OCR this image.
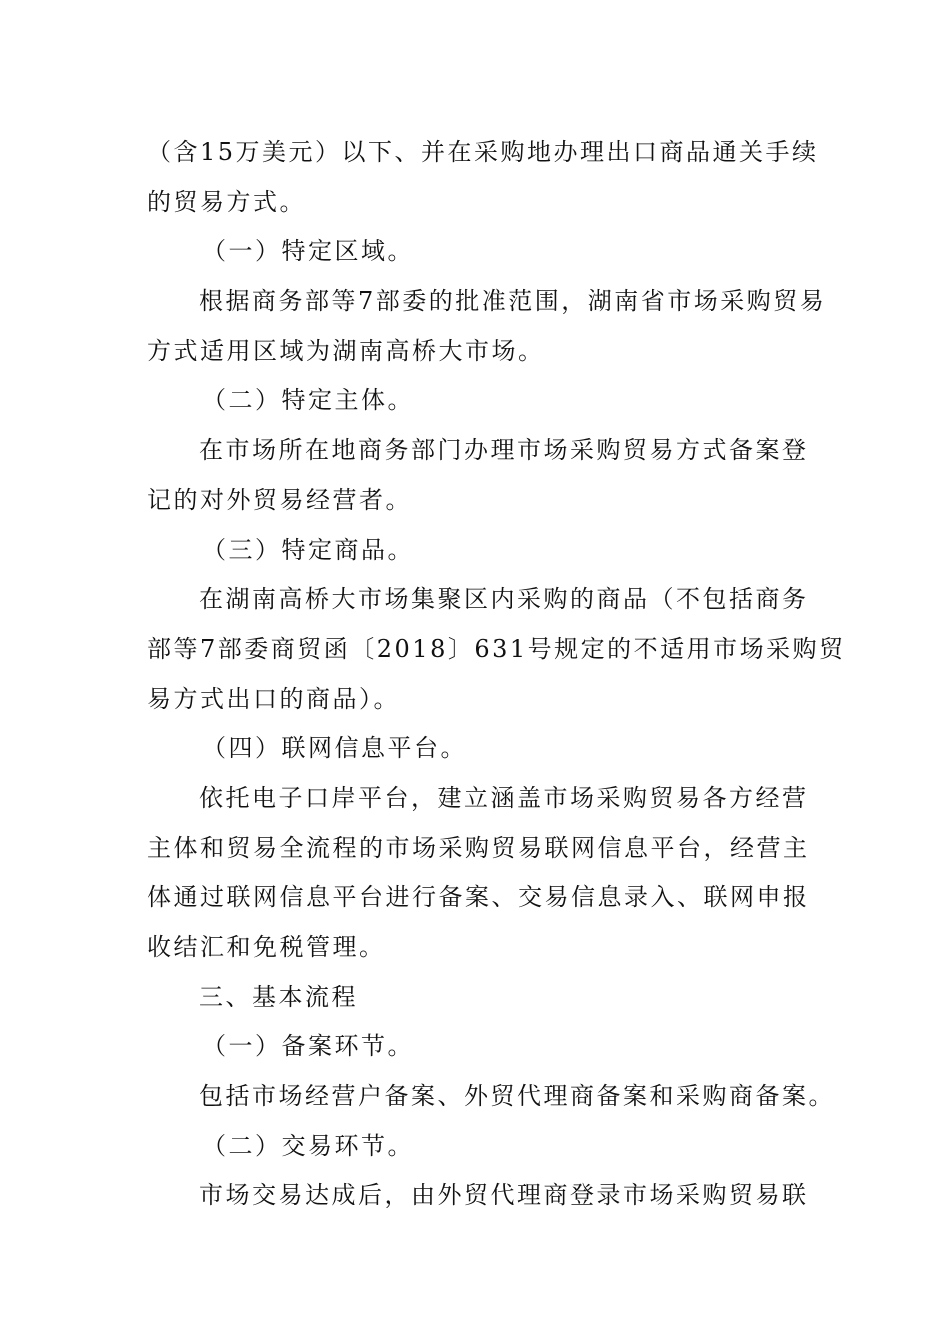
（含15万美元）以下、并在采购地办理出口商品通关手续
的贸易方式。
（一）特定区域。
根据商务部等7部委的批准范围，湖南省市场采购贸易
方式适用区域为湖南高桥大市场。
（二）特定主体。
在市场所在地商务部门办理市场采购贸易方式备案登
记的对外贸易经营者。
（三）特定商品。
在湖南高桥大市场集聚区内采购的商品（不包括商务
部等7部委商贸函〔2018〕631号规定的不适用市场采购贸
易方式出口的商品）。
（四）联网信息平台。
依托电子口岸平台，建立涵盖市场采购贸易各方经营
主体和贸易全流程的市场采购贸易联网信息平台，经营主
体通过联网信息平台进行备案、交易信息录入、联网申报
收结汇和免税管理。
三、基本流程
（一）备案环节。
包括市场经营户备案、外贸代理商备案和采购商备案。
（二）交易环节。
市场交易达成后，由外贸代理商登录市场采购贸易联
